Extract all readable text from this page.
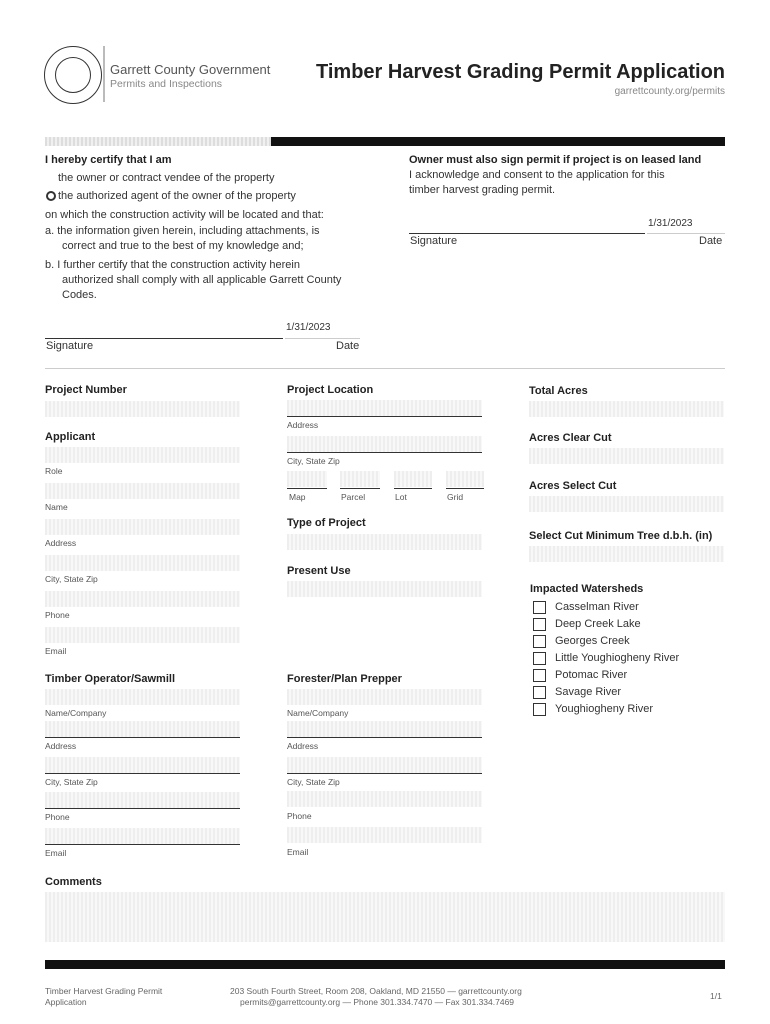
Garrett County Government
Permits and Inspections
Timber Harvest Grading Permit Application
garrettcounty.org/permits
I hereby certify that I am
the owner or contract vendee of the property
the authorized agent of the owner of the property
on which the construction activity will be located and that:
a. the information given herein, including attachments, is
correct and true to the best of my knowledge and;
b. I further certify that the construction activity herein
authorized shall comply with all applicable Garrett County
Codes.
1/31/2023
Signature	Date
Owner must also sign permit if project is on leased land
I acknowledge and consent to the application for this
timber harvest grading permit.
1/31/2023
Signature	Date
Project Number
Applicant
Role
Name
Address
City, State Zip
Phone
Email
Project Location
Address
City, State Zip
Map	Parcel	Lot	Grid
Type of Project
Present Use
Total Acres
Acres Clear Cut
Acres Select Cut
Select Cut Minimum Tree d.b.h. (in)
Impacted Watersheds
Casselman River
Deep Creek Lake
Georges Creek
Little Youghiogheny River
Potomac River
Savage River
Youghiogheny River
Timber Operator/Sawmill
Name/Company
Address
City, State Zip
Phone
Email
Forester/Plan Prepper
Name/Company
Address
City, State Zip
Phone
Email
Comments
Timber Harvest Grading Permit
Application
203 South Fourth Street, Room 208, Oakland, MD 21550 — garrettcounty.org
permits@garrettcounty.org — Phone 301.334.7470 — Fax 301.334.7469
1/1
